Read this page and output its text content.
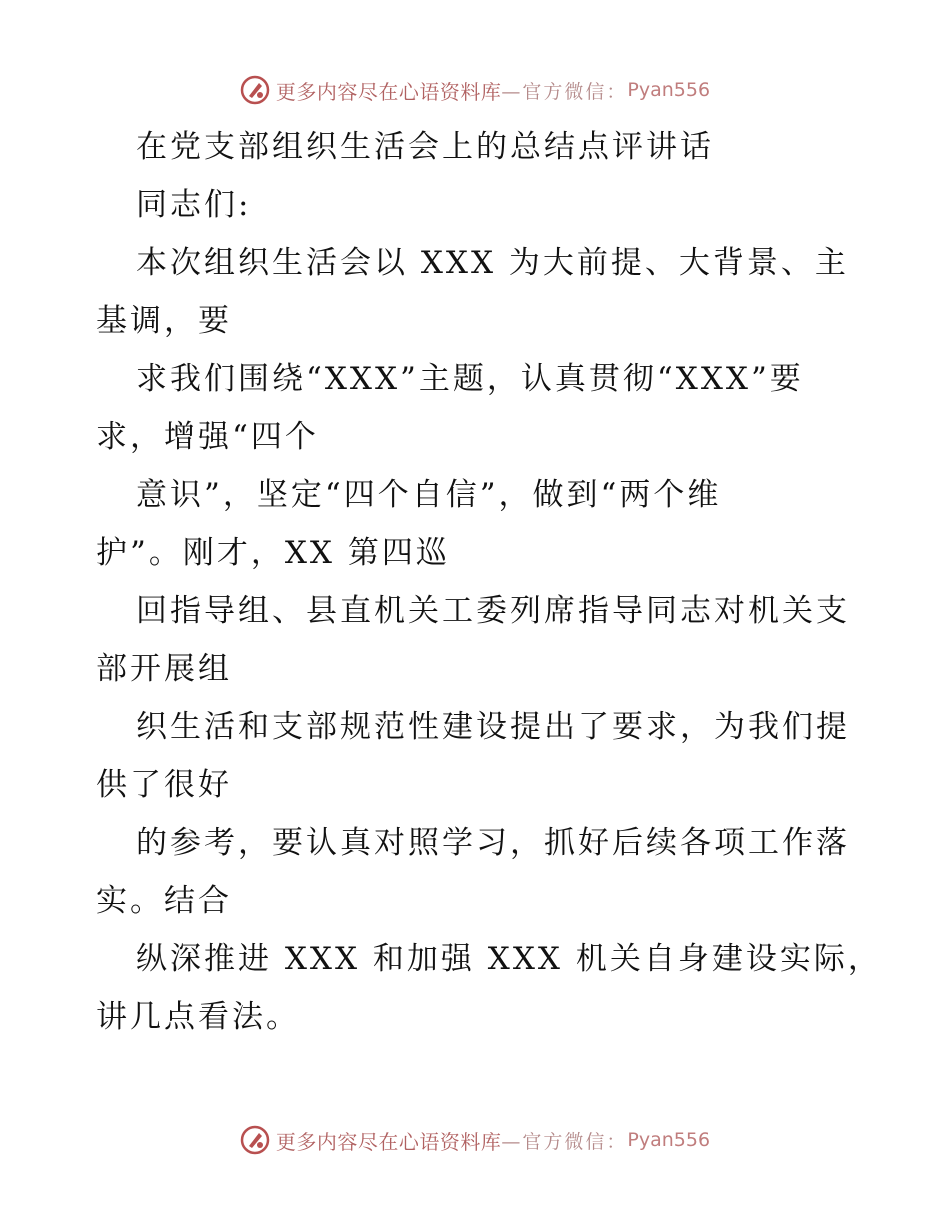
更多内容尽在心语资料库 —官方微信： Pyan556
在党支部组织生活会上的总结点评讲话
同志们:
本次组织生活会以 XXX 为大前提、大背景、主
基调，要
求我们围绕“XXX”主题，认真贯彻“XXX”要
求，增强“四个
意识”，坚定“四个自信”，做到“两个维
护”。刚才，XX 第四巡
回指导组、县直机关工委列席指导同志对机关支
部开展组
织生活和支部规范性建设提出了要求，为我们提
供了很好
的参考，要认真对照学习，抓好后续各项工作落
实。结合
纵深推进 XXX 和加强 XXX 机关自身建设实际，
讲几点看法。
更多内容尽在心语资料库 —官方微信： Pyan556
